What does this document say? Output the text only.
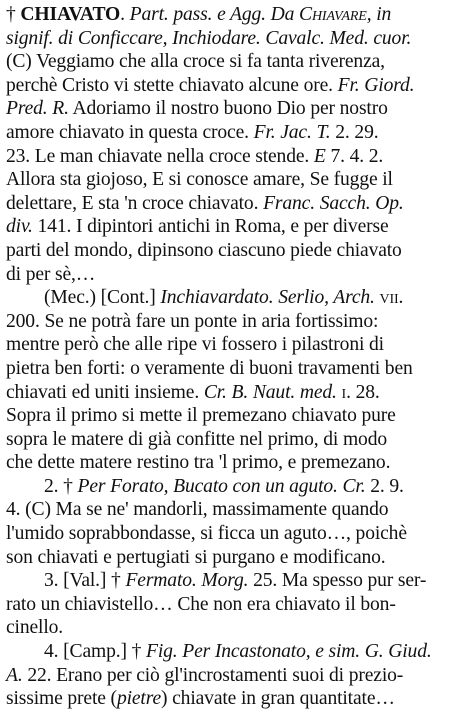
† CHIAVATO. Part. pass. e Agg. Da Chiavare, in
signif. di Conficcare, Inchiodare. Cavalc. Med. cuor.
(C) Veggiamo che alla croce si fa tanta riverenza,
perchè Cristo vi stette chiavato alcune ore. Fr. Giord.
Pred. R. Adoriamo il nostro buono Dio per nostro
amore chiavato in questa croce. Fr. Jac. T. 2. 29.
23. Le man chiavate nella croce stende. E 7. 4. 2.
Allora sta giojoso, E si conosce amare, Se fugge il
delettare, E sta 'n croce chiavato. Franc. Sacch. Op.
div. 141. I dipintori antichi in Roma, e per diverse
parti del mondo, dipinsono ciascuno piede chiavato
di per sè,…
(Mec.) [Cont.] Inchiavardato. Serlio, Arch. vii.
200. Se ne potrà fare un ponte in aria fortissimo:
mentre però che alle ripe vi fossero i pilastroni di
pietra ben forti: o veramente di buoni travamenti ben
chiavati ed uniti insieme. Cr. B. Naut. med. i. 28.
Sopra il primo si mette il premezano chiavato pure
sopra le matere di già confitte nel primo, di modo
che dette matere restino tra 'l primo, e premezano.
2. † Per Forato, Bucato con un aguto. Cr. 2. 9.
4. (C) Ma se ne' mandorli, massimamente quando
l'umido soprabbondasse, si ficca un aguto…, poichè
son chiavati e pertugiati si purgano e modificano.
3. [Val.] † Fermato. Morg. 25. Ma spesso pur ser-
rato un chiavistello… Che non era chiavato il bon-
cinello.
4. [Camp.] † Fig. Per Incastonato, e sim. G. Giud.
A. 22. Erano per ciò gl'incrostamenti suoi di prezio-
sissime prete (pietre) chiavate in gran quantitate…
